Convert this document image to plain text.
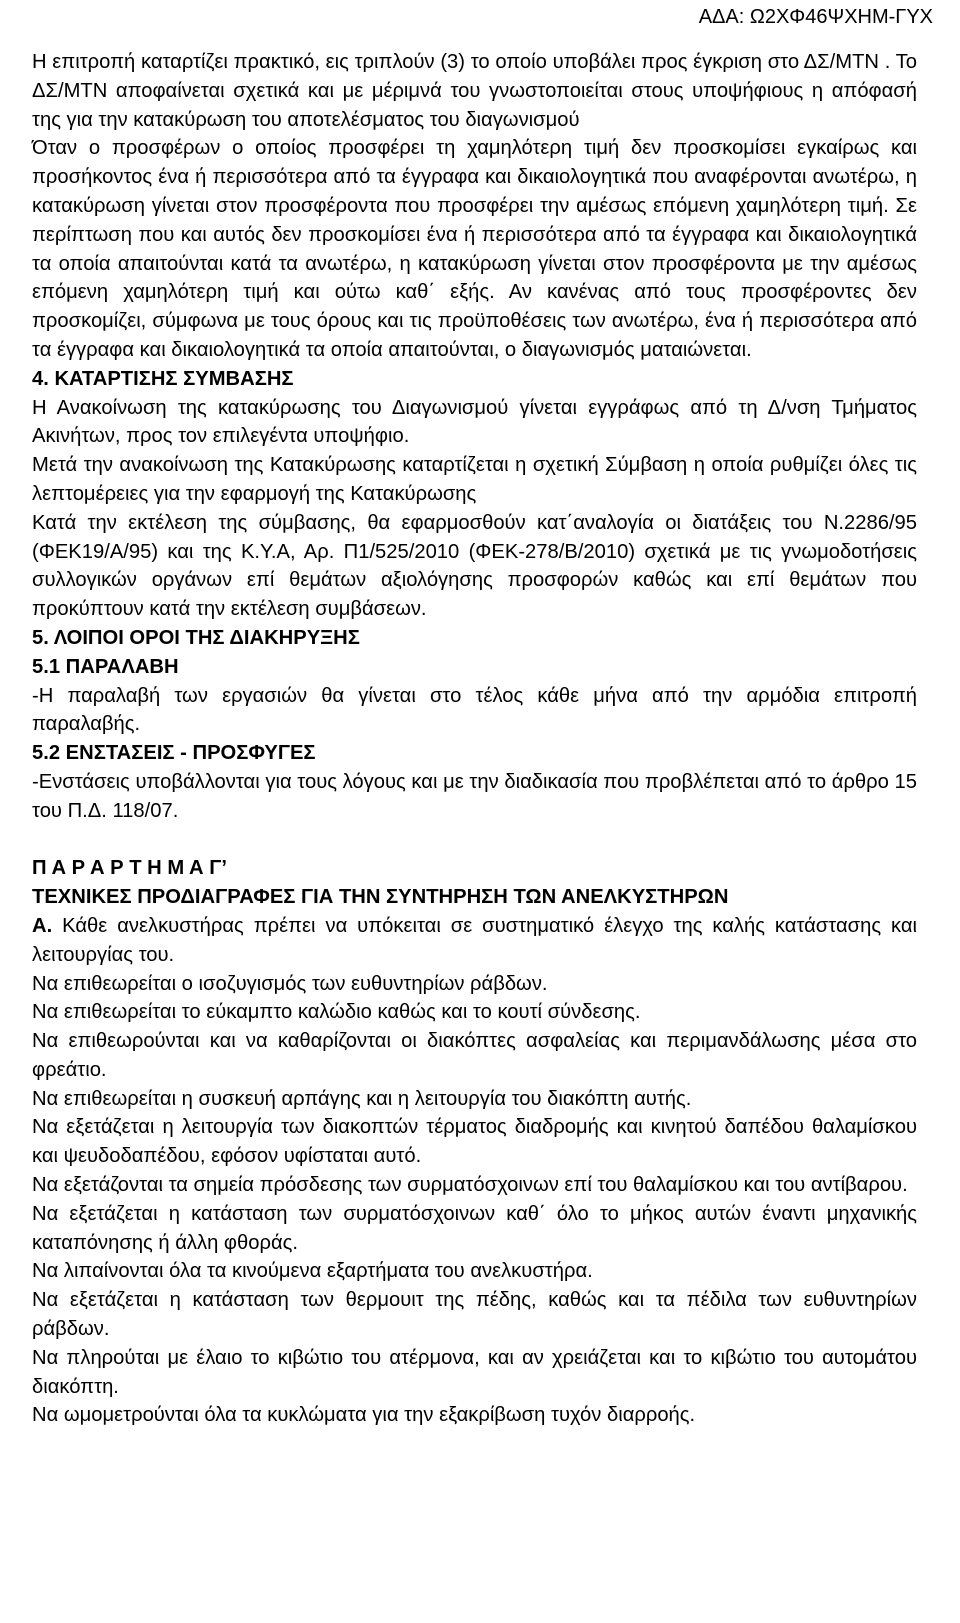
ΑΔΑ: Ω2ΧΦ46ΨΧΗΜ-ΓΥΧ

Η επιτροπή καταρτίζει πρακτικό, εις τριπλούν (3) το οποίο υποβάλει προς έγκριση στο ΔΣ/ΜΤΝ . Το ΔΣ/ΜΤΝ αποφαίνεται σχετικά και με μέριμνά του γνωστοποιείται στους υποψήφιους η απόφασή της για την κατακύρωση του αποτελέσματος του διαγωνισμού

Όταν ο προσφέρων ο οποίος προσφέρει τη χαμηλότερη τιμή δεν προσκομίσει εγκαίρως και προσήκοντος ένα ή περισσότερα από τα έγγραφα και δικαιολογητικά που αναφέρονται ανωτέρω, η κατακύρωση γίνεται στον προσφέροντα που προσφέρει την αμέσως επόμενη χαμηλότερη τιμή. Σε περίπτωση που και αυτός δεν προσκομίσει ένα ή περισσότερα από τα έγγραφα και δικαιολογητικά τα οποία απαιτούνται κατά τα ανωτέρω, η κατακύρωση γίνεται στον προσφέροντα με την αμέσως επόμενη χαμηλότερη τιμή και ούτω καθ΄ εξής. Αν κανένας από τους προσφέροντες δεν προσκομίζει, σύμφωνα με τους όρους και τις προϋποθέσεις των ανωτέρω, ένα ή περισσότερα από τα έγγραφα και δικαιολογητικά τα οποία απαιτούνται, ο διαγωνισμός ματαιώνεται.

4. ΚΑΤΑΡΤΙΣΗΣ ΣΥΜΒΑΣΗΣ

Η Ανακοίνωση της κατακύρωσης του Διαγωνισμού γίνεται εγγράφως από τη Δ/νση Τμήματος Ακινήτων, προς τον επιλεγέντα υποψήφιο.

Μετά την ανακοίνωση της Κατακύρωσης καταρτίζεται η σχετική Σύμβαση η οποία ρυθμίζει όλες τις λεπτομέρειες για την εφαρμογή της Κατακύρωσης

Κατά την εκτέλεση της σύμβασης, θα εφαρμοσθούν κατ΄αναλογία οι διατάξεις του Ν.2286/95 (ΦΕΚ19/Α/95) και της Κ.Υ.Α, Αρ. Π1/525/2010 (ΦΕΚ-278/Β/2010) σχετικά με τις γνωμοδοτήσεις συλλογικών οργάνων επί θεμάτων αξιολόγησης προσφορών καθώς και επί θεμάτων που προκύπτουν κατά την εκτέλεση συμβάσεων.

5. ΛΟΙΠΟΙ ΟΡΟΙ ΤΗΣ ΔΙΑΚΗΡΥΞΗΣ

5.1 ΠΑΡΑΛΑΒΗ

-Η παραλαβή των εργασιών θα γίνεται στο τέλος κάθε μήνα από την αρμόδια επιτροπή παραλαβής.

5.2 ΕΝΣΤΑΣΕΙΣ - ΠΡΟΣΦΥΓΕΣ

-Ενστάσεις υποβάλλονται για τους λόγους και με την διαδικασία που προβλέπεται από το άρθρο 15 του Π.Δ. 118/07.

Π Α Ρ Α Ρ Τ Η Μ Α Γ’

ΤΕΧΝΙΚΕΣ ΠΡΟΔΙΑΓΡΑΦΕΣ ΓΙΑ ΤΗΝ ΣΥΝΤΗΡΗΣΗ ΤΩΝ ΑΝΕΛΚΥΣΤΗΡΩΝ

Α. Κάθε ανελκυστήρας πρέπει να υπόκειται σε συστηματικό έλεγχο της καλής κατάστασης και λειτουργίας του.

Να επιθεωρείται ο ισοζυγισμός των ευθυντηρίων ράβδων.

Να επιθεωρείται το εύκαμπτο καλώδιο καθώς και το κουτί σύνδεσης.

Να επιθεωρούνται και να καθαρίζονται οι διακόπτες ασφαλείας και περιμανδάλωσης μέσα στο φρεάτιο.

Να επιθεωρείται η συσκευή αρπάγης και η λειτουργία του διακόπτη αυτής.

Να εξετάζεται η λειτουργία των διακοπτών τέρματος διαδρομής και κινητού δαπέδου θαλαμίσκου και ψευδοδαπέδου, εφόσον υφίσταται αυτό.

Να εξετάζονται τα σημεία πρόσδεσης των συρματόσχοινων επί του θαλαμίσκου και του αντίβαρου.

Να εξετάζεται η κατάσταση των συρματόσχοινων καθ΄ όλο το μήκος αυτών έναντι μηχανικής καταπόνησης ή άλλη φθοράς.

Να λιπαίνονται όλα τα κινούμενα εξαρτήματα του ανελκυστήρα.

Να εξετάζεται η κατάσταση των θερμουιτ της πέδης, καθώς και τα πέδιλα των ευθυντηρίων ράβδων.

Να πληρούται με έλαιο το κιβώτιο του ατέρμονα, και αν χρειάζεται και το κιβώτιο του αυτομάτου διακόπτη.

Να ωμομετρούνται όλα τα κυκλώματα για την εξακρίβωση τυχόν διαρροής.
